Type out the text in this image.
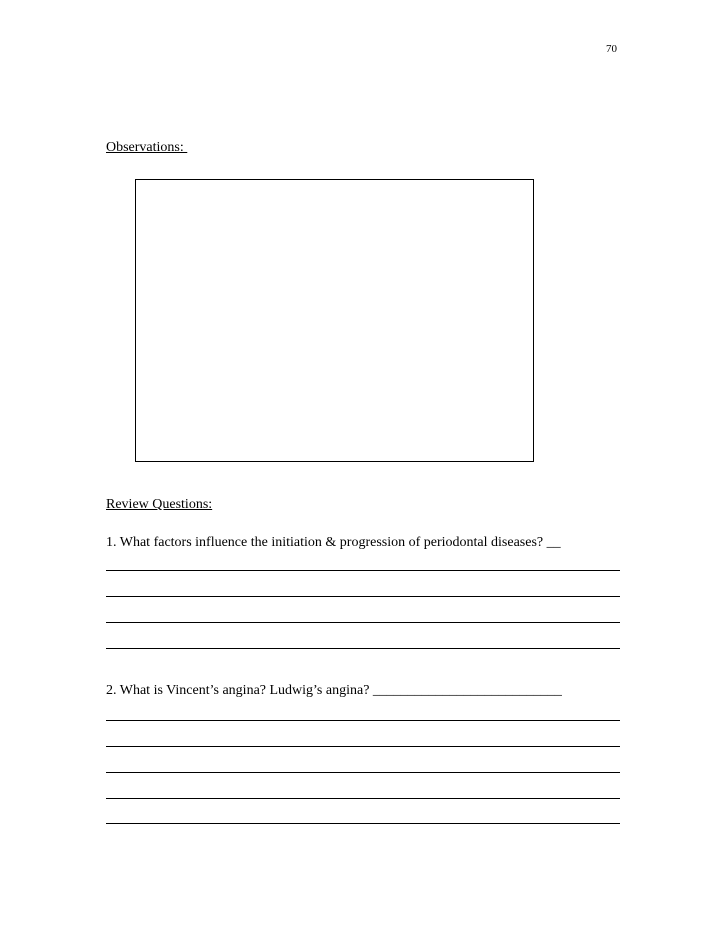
70
Observations:
Review Questions:
1. What factors influence the initiation & progression of periodontal diseases? __
2. What is Vincent’s angina? Ludwig’s angina? ___________________________
